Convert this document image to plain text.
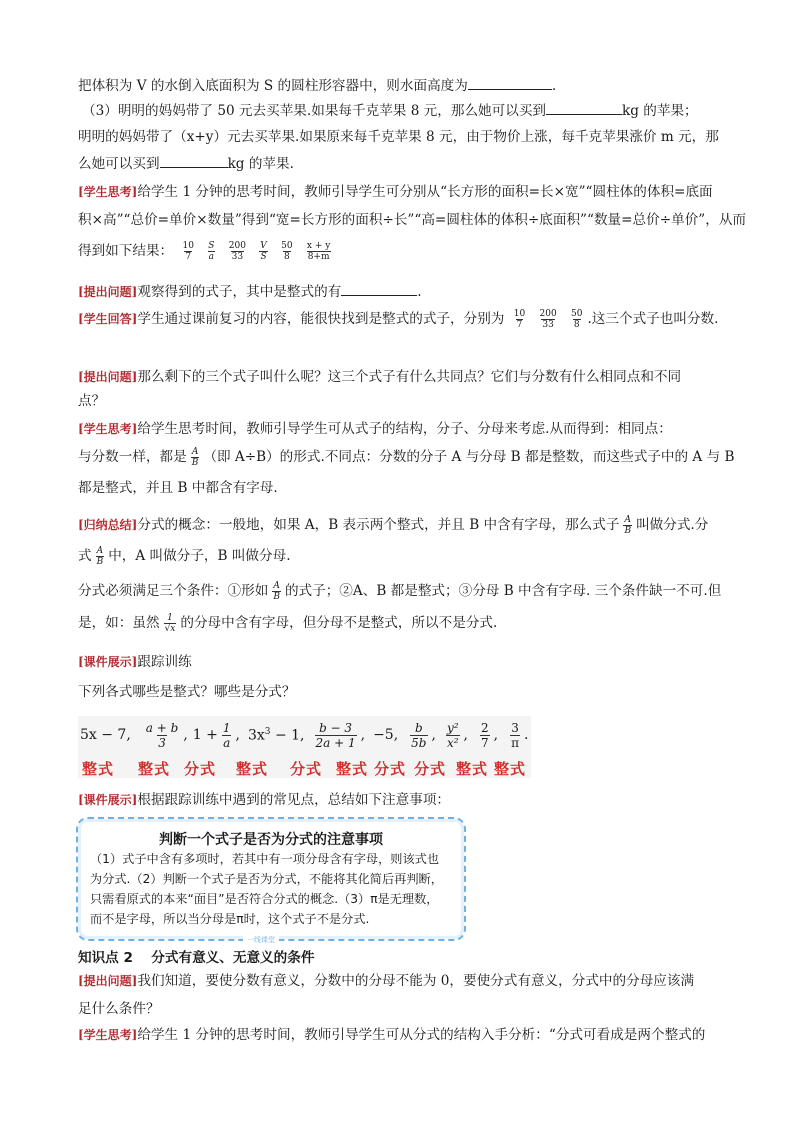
把体积为 V 的水倒入底面积为 S 的圆柱形容器中，则水面高度为	.
（3）明明的妈妈带了 50 元去买苹果.如果每千克苹果 8 元，那么她可以买到	kg 的苹果；
明明的妈妈带了（x+y）元去买苹果.如果原来每千克苹果 8 元，由于物价上涨，每千克苹果涨价 m 元，那
么她可以买到	kg 的苹果.
[学生思考]给学生 1 分钟的思考时间，教师引导学生可分别从“长方形的面积=长×宽”“圆柱体的体积=底面
积×高”“总价=单价×数量”得到“宽=长方形的面积÷长”“高=圆柱体的体积÷底面积”“数量=总价÷单价”，从而
得到如下结果： $\frac{10}{7}$
$\frac{S}{a}$
$\frac{200}{33}$
$\frac{V}{S}$
$\frac{50}{8}$
$\frac{x + y}{8+m}$
[提出问题]观察得到的式子，其中是整式的有	.
[学生回答]学生通过课前复习的内容，能很快找到是整式的式子，分别为 $\frac{10}{7}$
$\frac{200}{33}$
$\frac{50}{8}$ .这三个式子也叫分数.
[提出问题]那么剩下的三个式子叫什么呢？这三个式子有什么共同点？它们与分数有什么相同点和不同
点？
[学生思考]给学生思考时间，教师引导学生可从式子的结构，分子、分母来考虑.从而得到：相同点：
与分数一样，都是 $\frac{A}{B}$ （即 A÷B）的形式.不同点：分数的分子 A 与分母 B 都是整数，而这些式子中的 A 与 B
都是整式，并且 B 中都含有字母.
[归纳总结]分式的概念：一般地，如果 A，B 表示两个整式，并且 B 中含有字母，那么式子 $\frac{A}{B}$ 叫做分式.分
式 $\frac{A}{B}$ 中，A 叫做分子，B 叫做分母.
分式必须满足三个条件：①形如 $\frac{A}{B}$ 的式子；②A、B 都是整式；③分母 B 中含有字母. 三个条件缺一不可.但
是，如：虽然 $\frac{1}{√x}$ 的分母中含有字母，但分母不是整式，所以不是分式.
[课件展示]跟踪训练
下列各式哪些是整式？哪些是分式？
5x − 7, $\frac{a + b}{3}$ , $1 + \frac{1}{a}$ , $3x^3 - 1$, $\frac{b - 3}{2a + 1}$ , −5, $\frac{b}{5b}$ , $\frac{\text{y²}}{\text{x²}}$ , $\frac{2}{7}$ , $\frac{3}{\pi}$ .
整式 整式 分式 整式 分式 整式 分式 分式 整式 整式
[课件展示]根据跟踪训练中遇到的常见点，总结如下注意事项：
判断一个式子是否为分式的注意事项
（1）式子中含有多项时，若其中有一项分母含有字母，则该式也
为分式.（2）判断一个式子是否为分式，不能将其化简后再判断，
只需看原式的本来“面目”是否符合分式的概念.（3）π是无理数，
而不是字母，所以当分母是π时，这个式子不是分式.
一线课堂
知识点 2　 分式有意义、无意义的条件
[提出问题]我们知道，要使分数有意义，分数中的分母不能为 0，要使分式有意义，分式中的分母应该满
足什么条件？
[学生思考]给学生 1 分钟的思考时间，教师引导学生可从分式的结构入手分析：“分式可看成是两个整式的
